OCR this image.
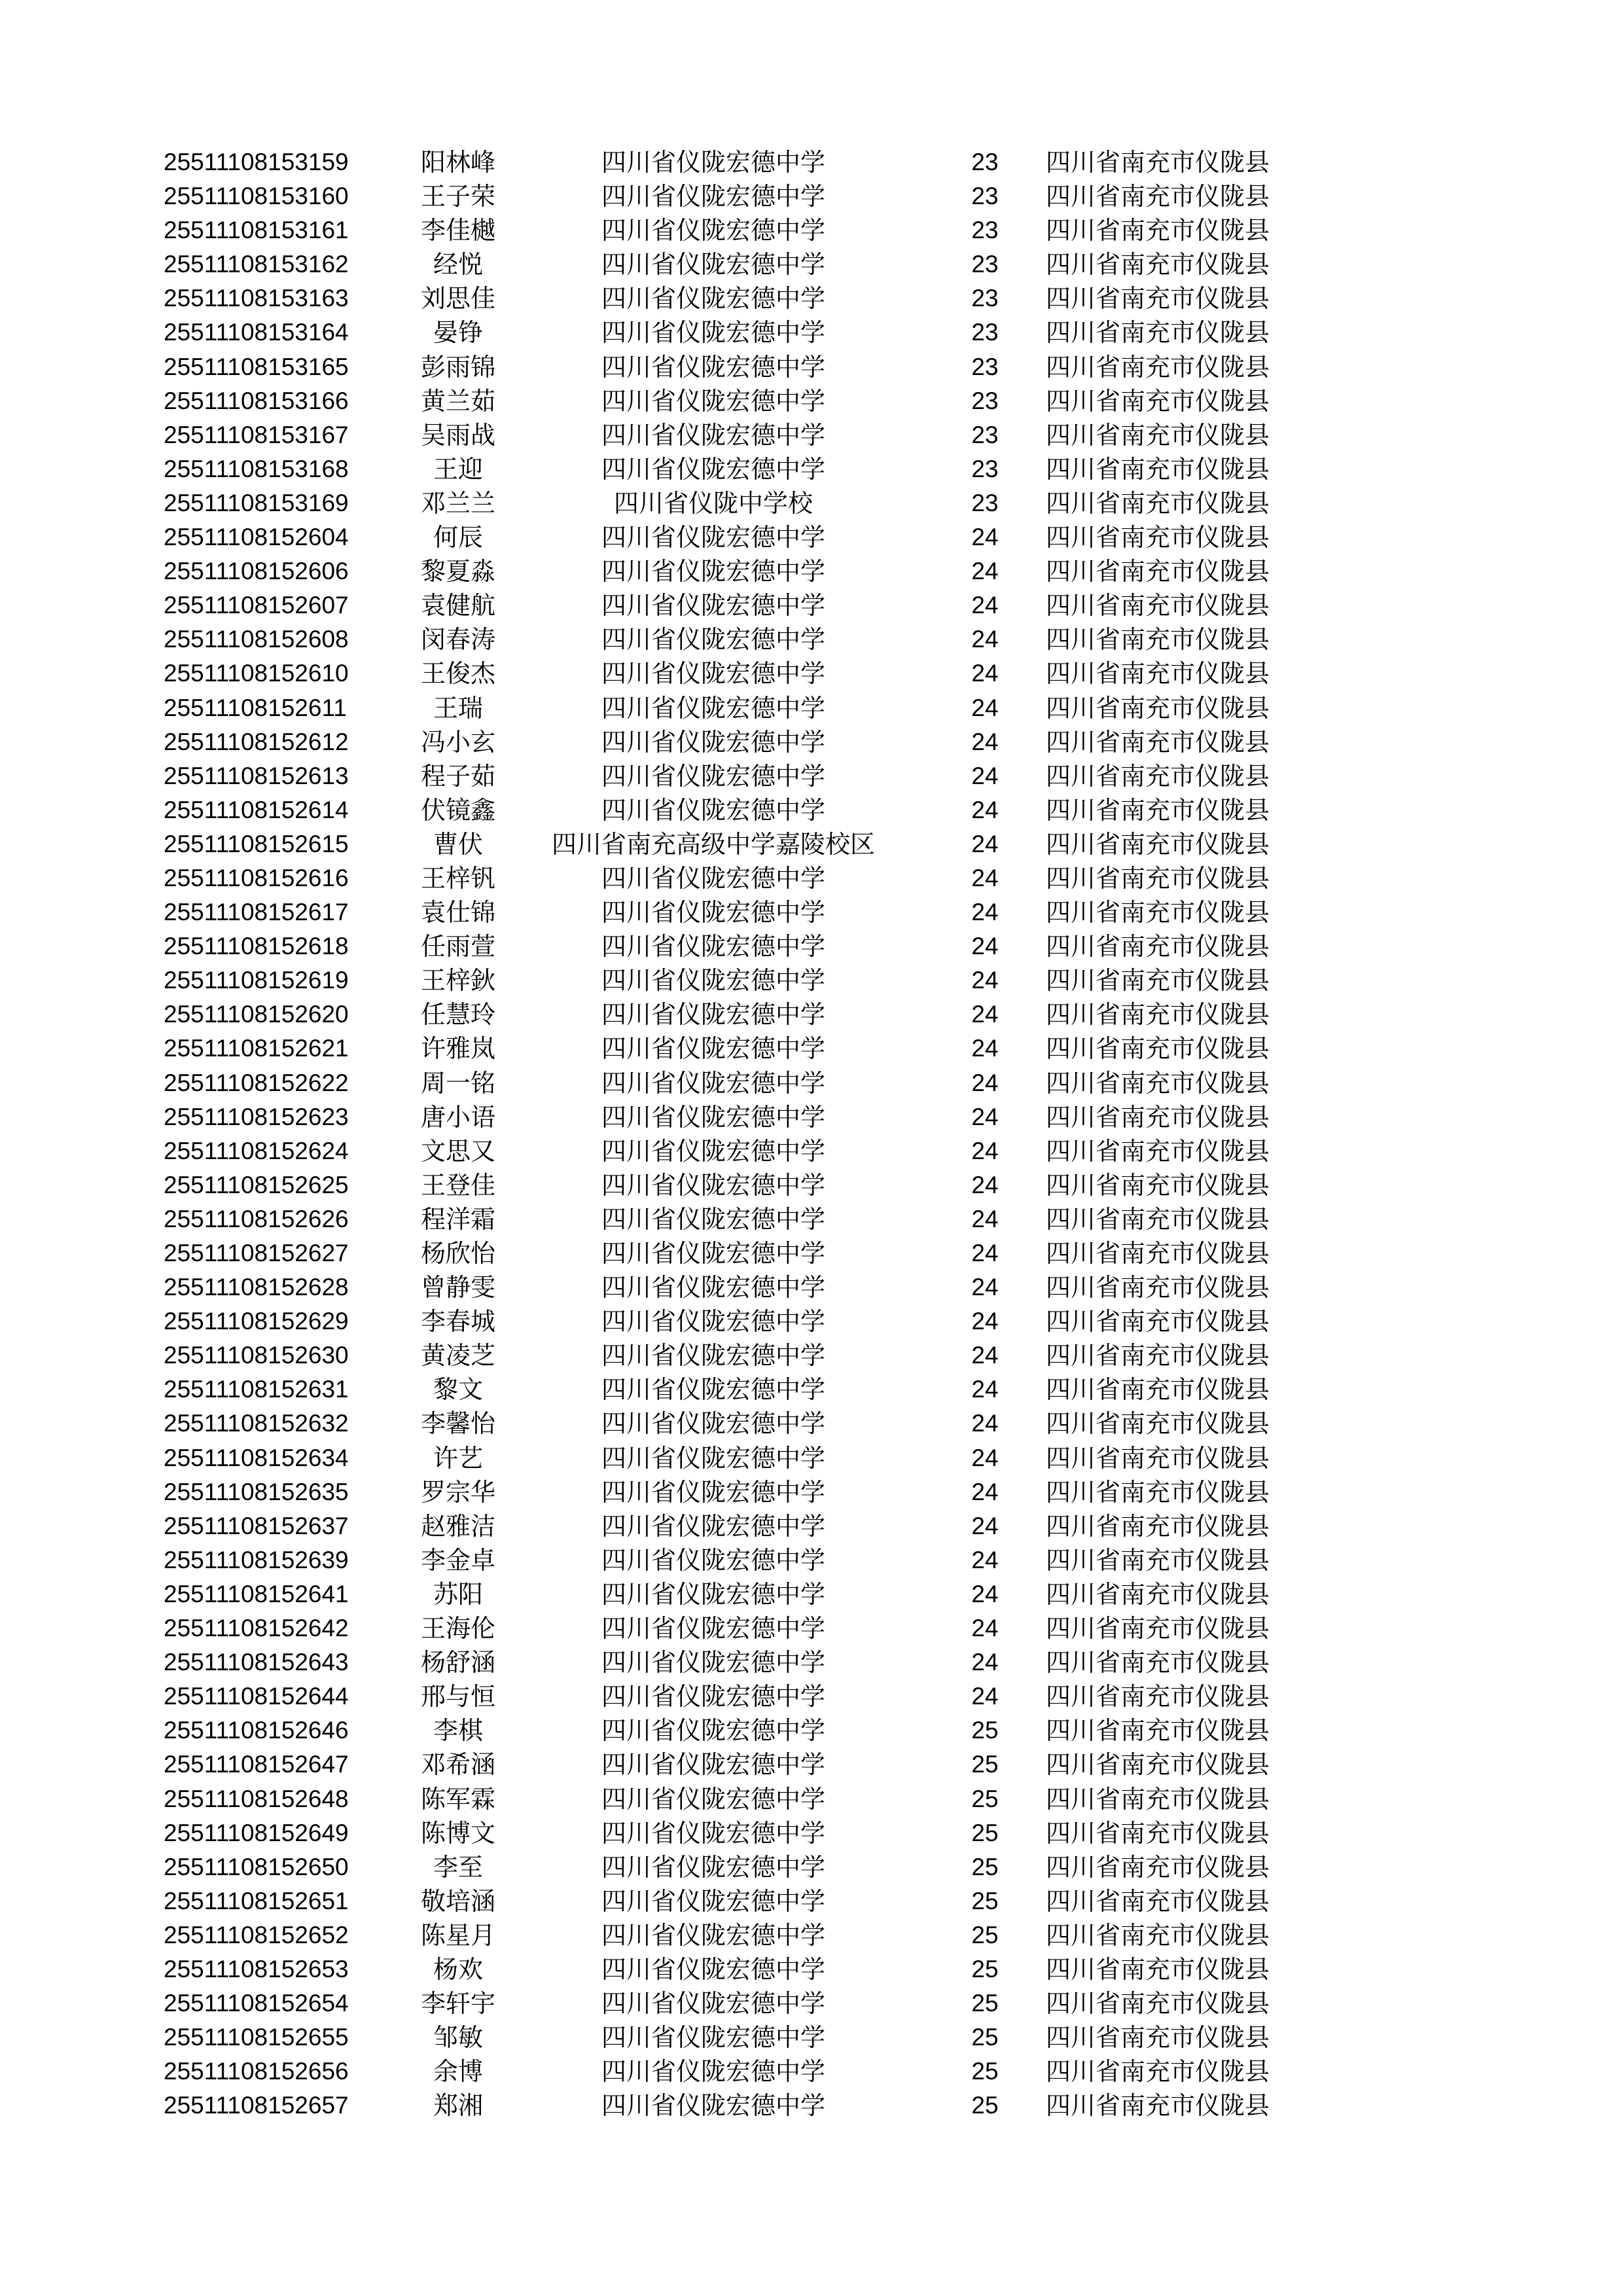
25511108153159	阳林峰	四川省仪陇宏德中学	23	四川省南充市仪陇县
25511108153160	王子荣	四川省仪陇宏德中学	23	四川省南充市仪陇县
25511108153161	李佳樾	四川省仪陇宏德中学	23	四川省南充市仪陇县
25511108153162	经悦	四川省仪陇宏德中学	23	四川省南充市仪陇县
25511108153163	刘思佳	四川省仪陇宏德中学	23	四川省南充市仪陇县
25511108153164	晏铮	四川省仪陇宏德中学	23	四川省南充市仪陇县
25511108153165	彭雨锦	四川省仪陇宏德中学	23	四川省南充市仪陇县
25511108153166	黄兰茹	四川省仪陇宏德中学	23	四川省南充市仪陇县
25511108153167	吴雨战	四川省仪陇宏德中学	23	四川省南充市仪陇县
25511108153168	王迎	四川省仪陇宏德中学	23	四川省南充市仪陇县
25511108153169	邓兰兰	四川省仪陇中学校	23	四川省南充市仪陇县
25511108152604	何辰	四川省仪陇宏德中学	24	四川省南充市仪陇县
25511108152606	黎夏淼	四川省仪陇宏德中学	24	四川省南充市仪陇县
25511108152607	袁健航	四川省仪陇宏德中学	24	四川省南充市仪陇县
25511108152608	闵春涛	四川省仪陇宏德中学	24	四川省南充市仪陇县
25511108152610	王俊杰	四川省仪陇宏德中学	24	四川省南充市仪陇县
25511108152611	王瑞	四川省仪陇宏德中学	24	四川省南充市仪陇县
25511108152612	冯小玄	四川省仪陇宏德中学	24	四川省南充市仪陇县
25511108152613	程子茹	四川省仪陇宏德中学	24	四川省南充市仪陇县
25511108152614	伏镜鑫	四川省仪陇宏德中学	24	四川省南充市仪陇县
25511108152615	曹伏	四川省南充高级中学嘉陵校区	24	四川省南充市仪陇县
25511108152616	王梓钒	四川省仪陇宏德中学	24	四川省南充市仪陇县
25511108152617	袁仕锦	四川省仪陇宏德中学	24	四川省南充市仪陇县
25511108152618	任雨萱	四川省仪陇宏德中学	24	四川省南充市仪陇县
25511108152619	王梓鈥	四川省仪陇宏德中学	24	四川省南充市仪陇县
25511108152620	任慧玲	四川省仪陇宏德中学	24	四川省南充市仪陇县
25511108152621	许雅岚	四川省仪陇宏德中学	24	四川省南充市仪陇县
25511108152622	周一铭	四川省仪陇宏德中学	24	四川省南充市仪陇县
25511108152623	唐小语	四川省仪陇宏德中学	24	四川省南充市仪陇县
25511108152624	文思又	四川省仪陇宏德中学	24	四川省南充市仪陇县
25511108152625	王登佳	四川省仪陇宏德中学	24	四川省南充市仪陇县
25511108152626	程洋霜	四川省仪陇宏德中学	24	四川省南充市仪陇县
25511108152627	杨欣怡	四川省仪陇宏德中学	24	四川省南充市仪陇县
25511108152628	曾静雯	四川省仪陇宏德中学	24	四川省南充市仪陇县
25511108152629	李春城	四川省仪陇宏德中学	24	四川省南充市仪陇县
25511108152630	黄凌芝	四川省仪陇宏德中学	24	四川省南充市仪陇县
25511108152631	黎文	四川省仪陇宏德中学	24	四川省南充市仪陇县
25511108152632	李馨怡	四川省仪陇宏德中学	24	四川省南充市仪陇县
25511108152634	许艺	四川省仪陇宏德中学	24	四川省南充市仪陇县
25511108152635	罗宗华	四川省仪陇宏德中学	24	四川省南充市仪陇县
25511108152637	赵雅洁	四川省仪陇宏德中学	24	四川省南充市仪陇县
25511108152639	李金卓	四川省仪陇宏德中学	24	四川省南充市仪陇县
25511108152641	苏阳	四川省仪陇宏德中学	24	四川省南充市仪陇县
25511108152642	王海伦	四川省仪陇宏德中学	24	四川省南充市仪陇县
25511108152643	杨舒涵	四川省仪陇宏德中学	24	四川省南充市仪陇县
25511108152644	邢与恒	四川省仪陇宏德中学	24	四川省南充市仪陇县
25511108152646	李棋	四川省仪陇宏德中学	25	四川省南充市仪陇县
25511108152647	邓希涵	四川省仪陇宏德中学	25	四川省南充市仪陇县
25511108152648	陈军霖	四川省仪陇宏德中学	25	四川省南充市仪陇县
25511108152649	陈博文	四川省仪陇宏德中学	25	四川省南充市仪陇县
25511108152650	李至	四川省仪陇宏德中学	25	四川省南充市仪陇县
25511108152651	敬培涵	四川省仪陇宏德中学	25	四川省南充市仪陇县
25511108152652	陈星月	四川省仪陇宏德中学	25	四川省南充市仪陇县
25511108152653	杨欢	四川省仪陇宏德中学	25	四川省南充市仪陇县
25511108152654	李轩宇	四川省仪陇宏德中学	25	四川省南充市仪陇县
25511108152655	邹敏	四川省仪陇宏德中学	25	四川省南充市仪陇县
25511108152656	余博	四川省仪陇宏德中学	25	四川省南充市仪陇县
25511108152657	郑湘	四川省仪陇宏德中学	25	四川省南充市仪陇县
